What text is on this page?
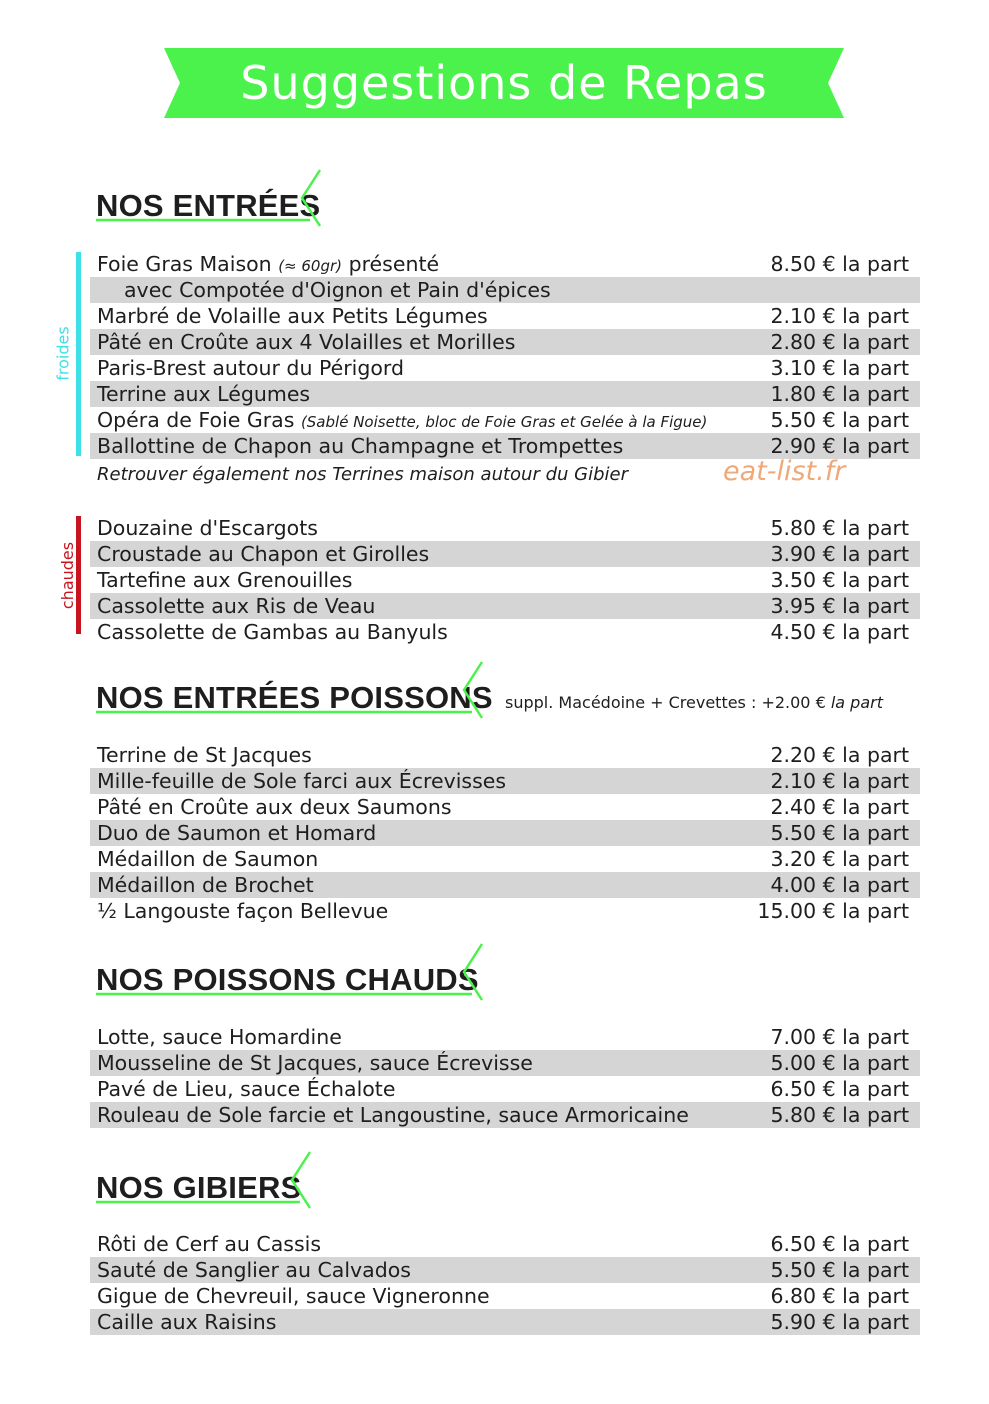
Suggestions de Repas
NOS ENTRÉES
froides
Foie Gras Maison (≈ 60gr) présenté	8.50 € la part
avec Compotée d'Oignon et Pain d'épices
Marbré de Volaille aux Petits Légumes	2.10 € la part
Pâté en Croûte aux 4 Volailles et Morilles	2.80 € la part
Paris-Brest autour du Périgord	3.10 € la part
Terrine aux Légumes	1.80 € la part
Opéra de Foie Gras (Sablé Noisette, bloc de Foie Gras et Gelée à la Figue)	5.50 € la part
Ballottine de Chapon au Champagne et Trompettes	2.90 € la part
Retrouver également nos Terrines maison autour du Gibier	eat-list.fr
chaudes
Douzaine d'Escargots	5.80 € la part
Croustade au Chapon et Girolles	3.90 € la part
Tartefine aux Grenouilles	3.50 € la part
Cassolette aux Ris de Veau	3.95 € la part
Cassolette de Gambas au Banyuls	4.50 € la part
NOS ENTRÉES POISSONS suppl. Macédoine + Crevettes : +2.00 € la part
Terrine de St Jacques	2.20 € la part
Mille-feuille de Sole farci aux Écrevisses	2.10 € la part
Pâté en Croûte aux deux Saumons	2.40 € la part
Duo de Saumon et Homard	5.50 € la part
Médaillon de Saumon	3.20 € la part
Médaillon de Brochet	4.00 € la part
½ Langouste façon Bellevue	15.00 € la part
NOS POISSONS CHAUDS
Lotte, sauce Homardine	7.00 € la part
Mousseline de St Jacques, sauce Écrevisse	5.00 € la part
Pavé de Lieu, sauce Échalote	6.50 € la part
Rouleau de Sole farcie et Langoustine, sauce Armoricaine	5.80 € la part
NOS GIBIERS
Rôti de Cerf au Cassis	6.50 € la part
Sauté de Sanglier au Calvados	5.50 € la part
Gigue de Chevreuil, sauce Vigneronne	6.80 € la part
Caille aux Raisins	5.90 € la part
